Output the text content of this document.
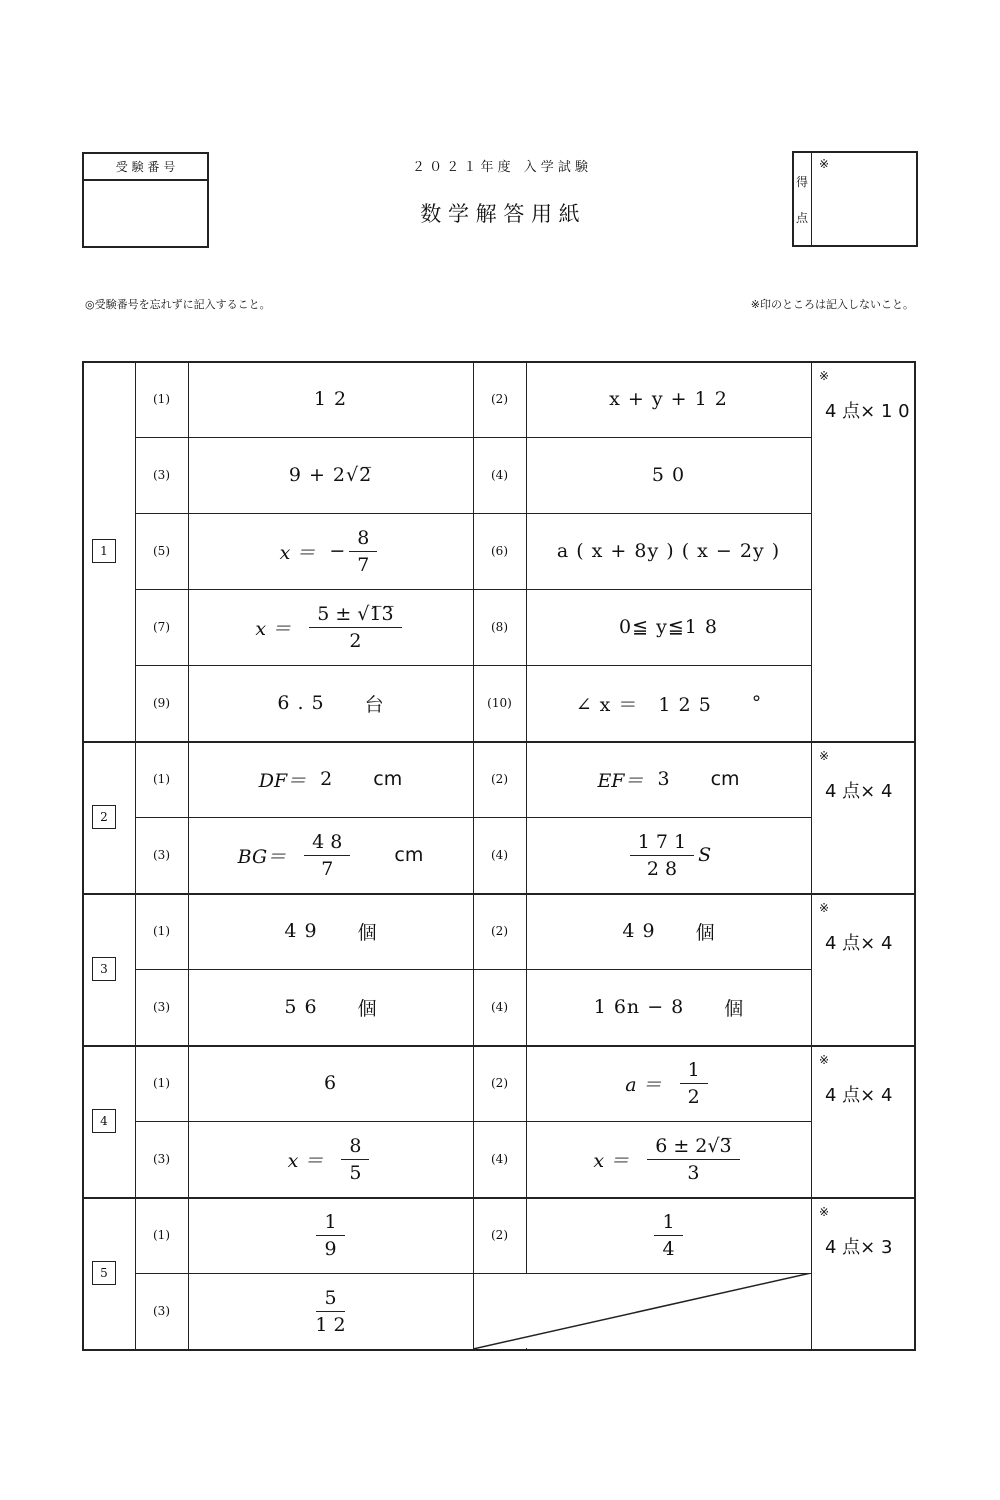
受 験 番 号	２ ０ ２ １ 年 度　入 学 試 験
数 学 解 答 用 紙
得
点
※
◎受験番号を忘れずに記入すること。	※印のところは記入しないこと。
1
※
4 点× 1 0
(1)	1 2	(2)	x + y + 1 2
(3)	9 + 2√2̅	(4)	5 0
(5)	x ＝ − $\frac{8}{7}$	(6)	a ( x + 8y ) ( x − 2y )
(7)	$x = \frac{5 \pm √1̅3̅}{2}$	(8)	0≦ y≦1 8
(9)	6 . 5 台	(10)	∠ x ＝　1 2 5 °
2
※
4 点× 4
(1)	DF＝ 2 cm	(2)	EF＝ 3 cm
(3)	$BG= \frac{4 8}{7}$ cm	(4)	$\frac{1 7 1}{2 8}$ S
3
※
4 点× 4
(1)	4 9 個	(2)	4 9 個
(3)	5 6 個	(4)	1 6n − 8 個
4
※
4 点× 4
(1)	6	(2)	$a = \frac{1}{2}$
(3)	$x = \frac{8}{5}$	(4)	$x = \frac{6 \pm 2√3̅}{3}$
5
※
4 点× 3
(1)	$\frac{1}{9}$	(2)	$\frac{1}{4}$
(3)	$\frac{5}{1 2}$
